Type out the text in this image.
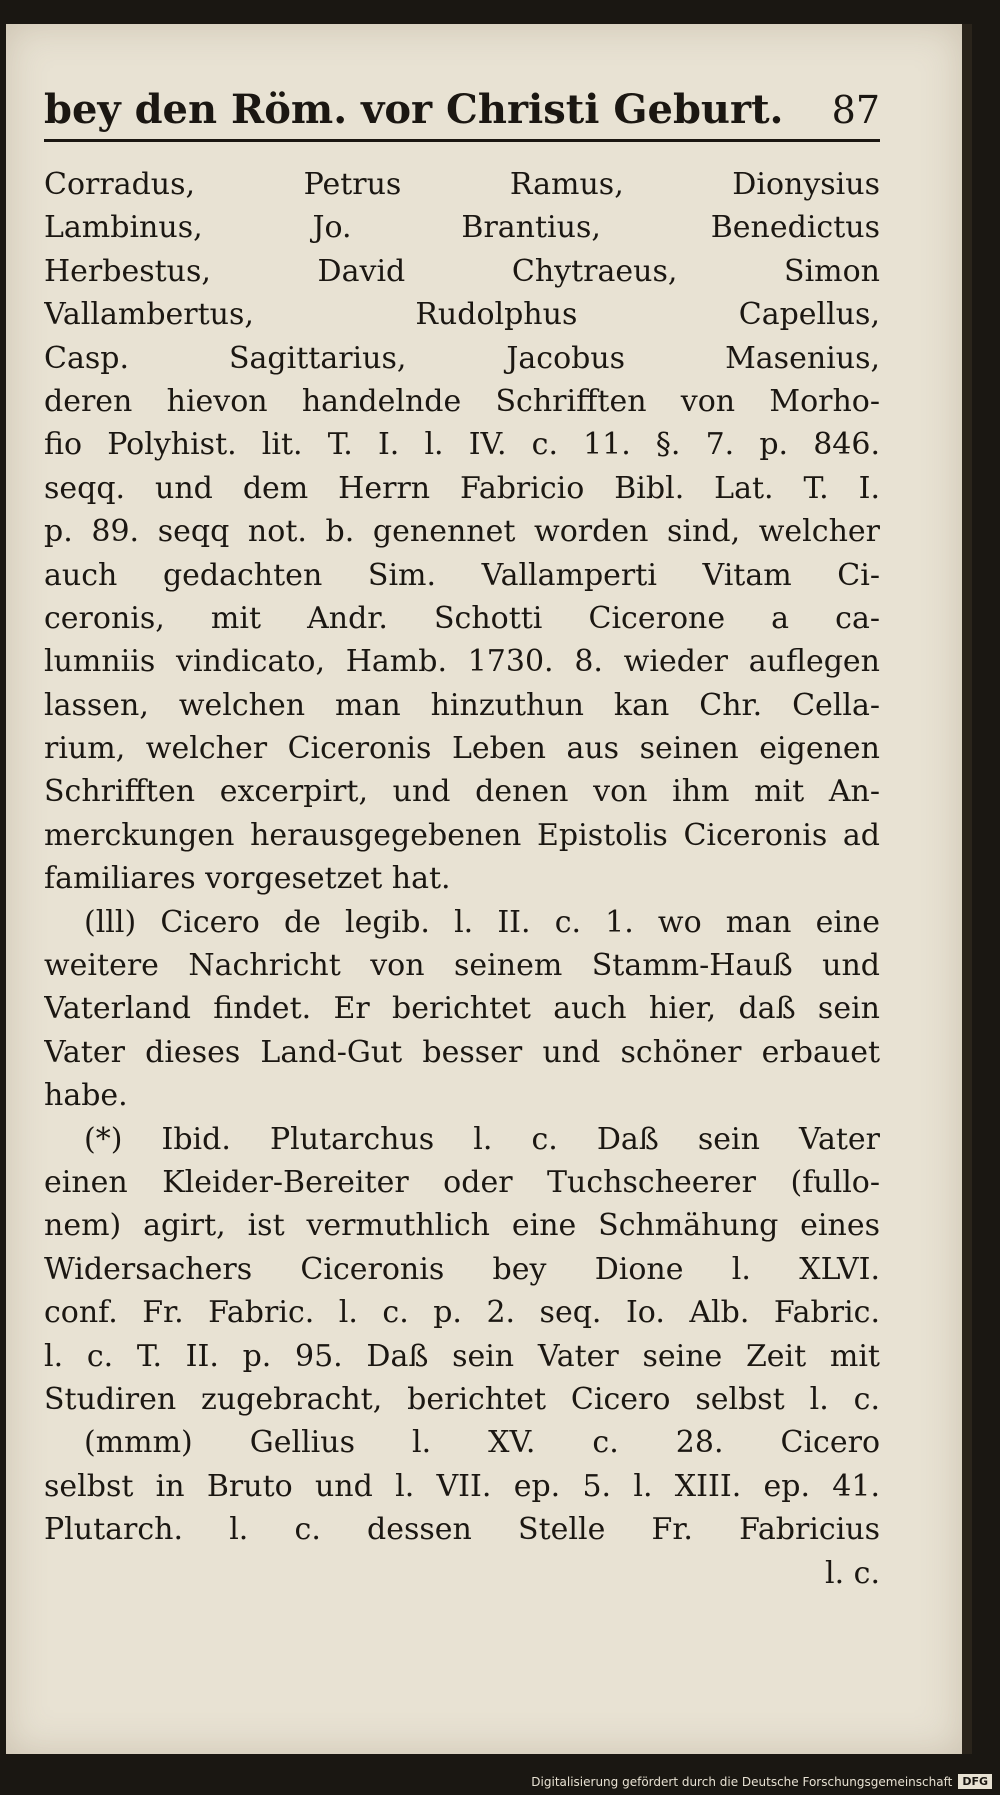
bey den Röm. vor Christi Geburt. 87
Corradus, Petrus Ramus, Dionysius
Lambinus, Jo. Brantius, Benedictus
Herbestus, David Chytraeus, Simon
Vallambertus, Rudolphus Capellus,
Casp. Sagittarius, Jacobus Masenius,
deren hievon handelnde Schrifften von Morho-
fio Polyhist. lit. T. I. l. IV. c. 11. §. 7. p. 846.
seqq. und dem Herrn Fabricio Bibl. Lat. T. I.
p. 89. seqq not. b. genennet worden sind, welcher
auch gedachten Sim. Vallamperti Vitam Ci-
ceronis, mit Andr. Schotti Cicerone a ca-
lumniis vindicato, Hamb. 1730. 8. wieder auflegen
lassen, welchen man hinzuthun kan Chr. Cella-
rium, welcher Ciceronis Leben aus seinen eigenen
Schrifften excerpirt, und denen von ihm mit An-
merckungen herausgegebenen Epistolis Ciceronis ad
familiares vorgesetzet hat.
(lll) Cicero de legib. l. II. c. 1. wo man eine
weitere Nachricht von seinem Stamm-Hauß und
Vaterland findet. Er berichtet auch hier, daß sein
Vater dieses Land-Gut besser und schöner erbauet
habe.
(*) Ibid. Plutarchus l. c. Daß sein Vater
einen Kleider-Bereiter oder Tuchscheerer (fullo-
nem) agirt, ist vermuthlich eine Schmähung eines
Widersachers Ciceronis bey Dione l. XLVI.
conf. Fr. Fabric. l. c. p. 2. seq. Io. Alb. Fabric.
l. c. T. II. p. 95. Daß sein Vater seine Zeit mit
Studiren zugebracht, berichtet Cicero selbst l. c.
(mmm) Gellius l. XV. c. 28. Cicero
selbst in Bruto und l. VII. ep. 5. l. XIII. ep. 41.
Plutarch. l. c. dessen Stelle Fr. Fabricius
l. c.
Digitalisierung gefördert durch die Deutsche Forschungsgemeinschaft DFG
